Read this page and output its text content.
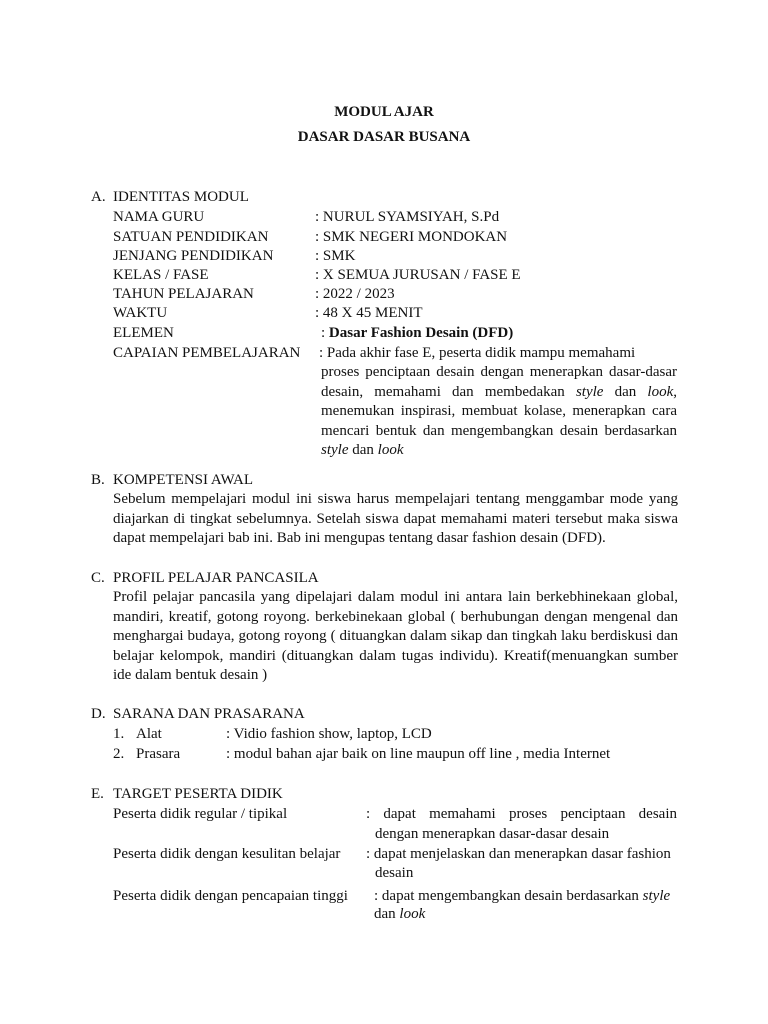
MODUL AJAR
DASAR DASAR BUSANA
A. IDENTITAS MODUL
NAMA GURU	: NURUL SYAMSIYAH, S.Pd
SATUAN PENDIDIKAN	: SMK NEGERI MONDOKAN
JENJANG PENDIDIKAN	: SMK
KELAS / FASE	: X SEMUA JURUSAN / FASE E
TAHUN PELAJARAN	: 2022 / 2023
WAKTU	: 48 X 45 MENIT
ELEMEN	: Dasar Fashion Desain (DFD)
CAPAIAN PEMBELAJARAN : Pada akhir fase E, peserta didik mampu memahami
proses penciptaan desain dengan menerapkan dasar-dasar desain, memahami dan membedakan style dan look, menemukan inspirasi, membuat kolase, menerapkan cara mencari bentuk dan mengembangkan desain berdasarkan style dan look
B. KOMPETENSI AWAL
Sebelum mempelajari modul ini siswa harus mempelajari tentang menggambar mode yang diajarkan di tingkat sebelumnya. Setelah siswa dapat memahami materi tersebut maka siswa dapat mempelajari bab ini. Bab ini mengupas tentang dasar fashion desain (DFD).
C. PROFIL PELAJAR PANCASILA
Profil pelajar pancasila yang dipelajari dalam modul ini antara lain berkebhinekaan global, mandiri, kreatif, gotong royong. berkebinekaan global ( berhubungan dengan mengenal dan menghargai budaya, gotong royong ( dituangkan dalam sikap dan tingkah laku berdiskusi dan belajar kelompok, mandiri (dituangkan dalam tugas individu). Kreatif(menuangkan sumber ide dalam bentuk desain )
D. SARANA DAN PRASARANA
1. Alat	: Vidio fashion show, laptop, LCD
2. Prasara	: modul bahan ajar baik on line maupun off line , media Internet
E. TARGET PESERTA DIDIK
Peserta didik regular / tipikal	: dapat memahami proses penciptaan desain
dengan menerapkan dasar-dasar desain
Peserta didik dengan kesulitan belajar : dapat menjelaskan dan menerapkan dasar fashion
desain
Peserta didik dengan pencapaian tinggi : dapat mengembangkan desain berdasarkan style
dan look
